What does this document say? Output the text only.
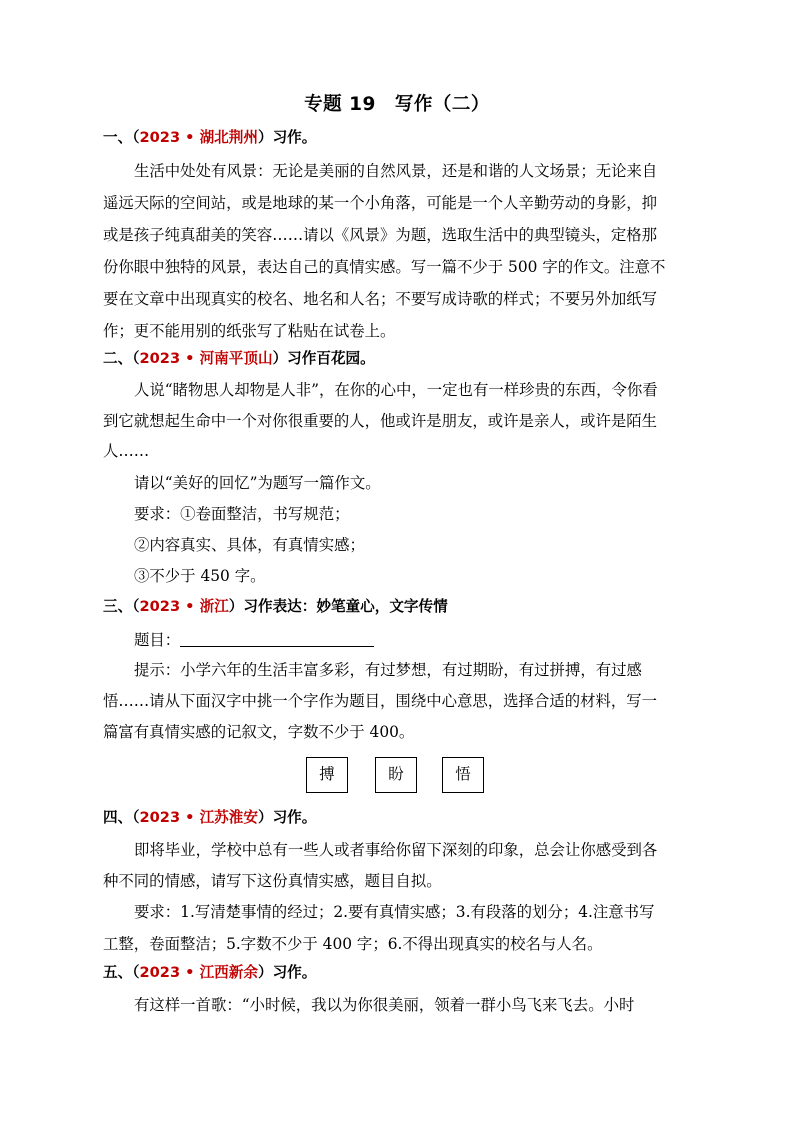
专题 19　写作（二）
一、（2023 • 湖北荆州）习作。
生活中处处有风景：无论是美丽的自然风景，还是和谐的人文场景；无论来自
遥远天际的空间站，或是地球的某一个小角落，可能是一个人辛勤劳动的身影，抑
或是孩子纯真甜美的笑容……请以《风景》为题，选取生活中的典型镜头，定格那
份你眼中独特的风景，表达自己的真情实感。写一篇不少于 500 字的作文。注意不
要在文章中出现真实的校名、地名和人名；不要写成诗歌的样式；不要另外加纸写
作；更不能用别的纸张写了粘贴在试卷上。
二、（2023 • 河南平顶山）习作百花园。
人说“睹物思人却物是人非”，在你的心中，一定也有一样珍贵的东西，令你看
到它就想起生命中一个对你很重要的人，他或许是朋友，或许是亲人，或许是陌生
人……
请以“美好的回忆”为题写一篇作文。
要求：①卷面整洁，书写规范；
②内容真实、具体，有真情实感；
③不少于 450 字。
三、（2023 • 浙江）习作表达：妙笔童心，文字传情
题目：
提示：小学六年的生活丰富多彩，有过梦想，有过期盼，有过拼搏，有过感
悟……请从下面汉字中挑一个字作为题目，围绕中心意思，选择合适的材料，写一
篇富有真情实感的记叙文，字数不少于 400。
搏	盼	悟
四、（2023 • 江苏淮安）习作。
即将毕业，学校中总有一些人或者事给你留下深刻的印象，总会让你感受到各
种不同的情感，请写下这份真情实感，题目自拟。
要求：1.写清楚事情的经过；2.要有真情实感；3.有段落的划分；4.注意书写
工整，卷面整洁；5.字数不少于 400 字；6.不得出现真实的校名与人名。
五、（2023 • 江西新余）习作。
有这样一首歌：“小时候，我以为你很美丽，领着一群小鸟飞来飞去。小时
